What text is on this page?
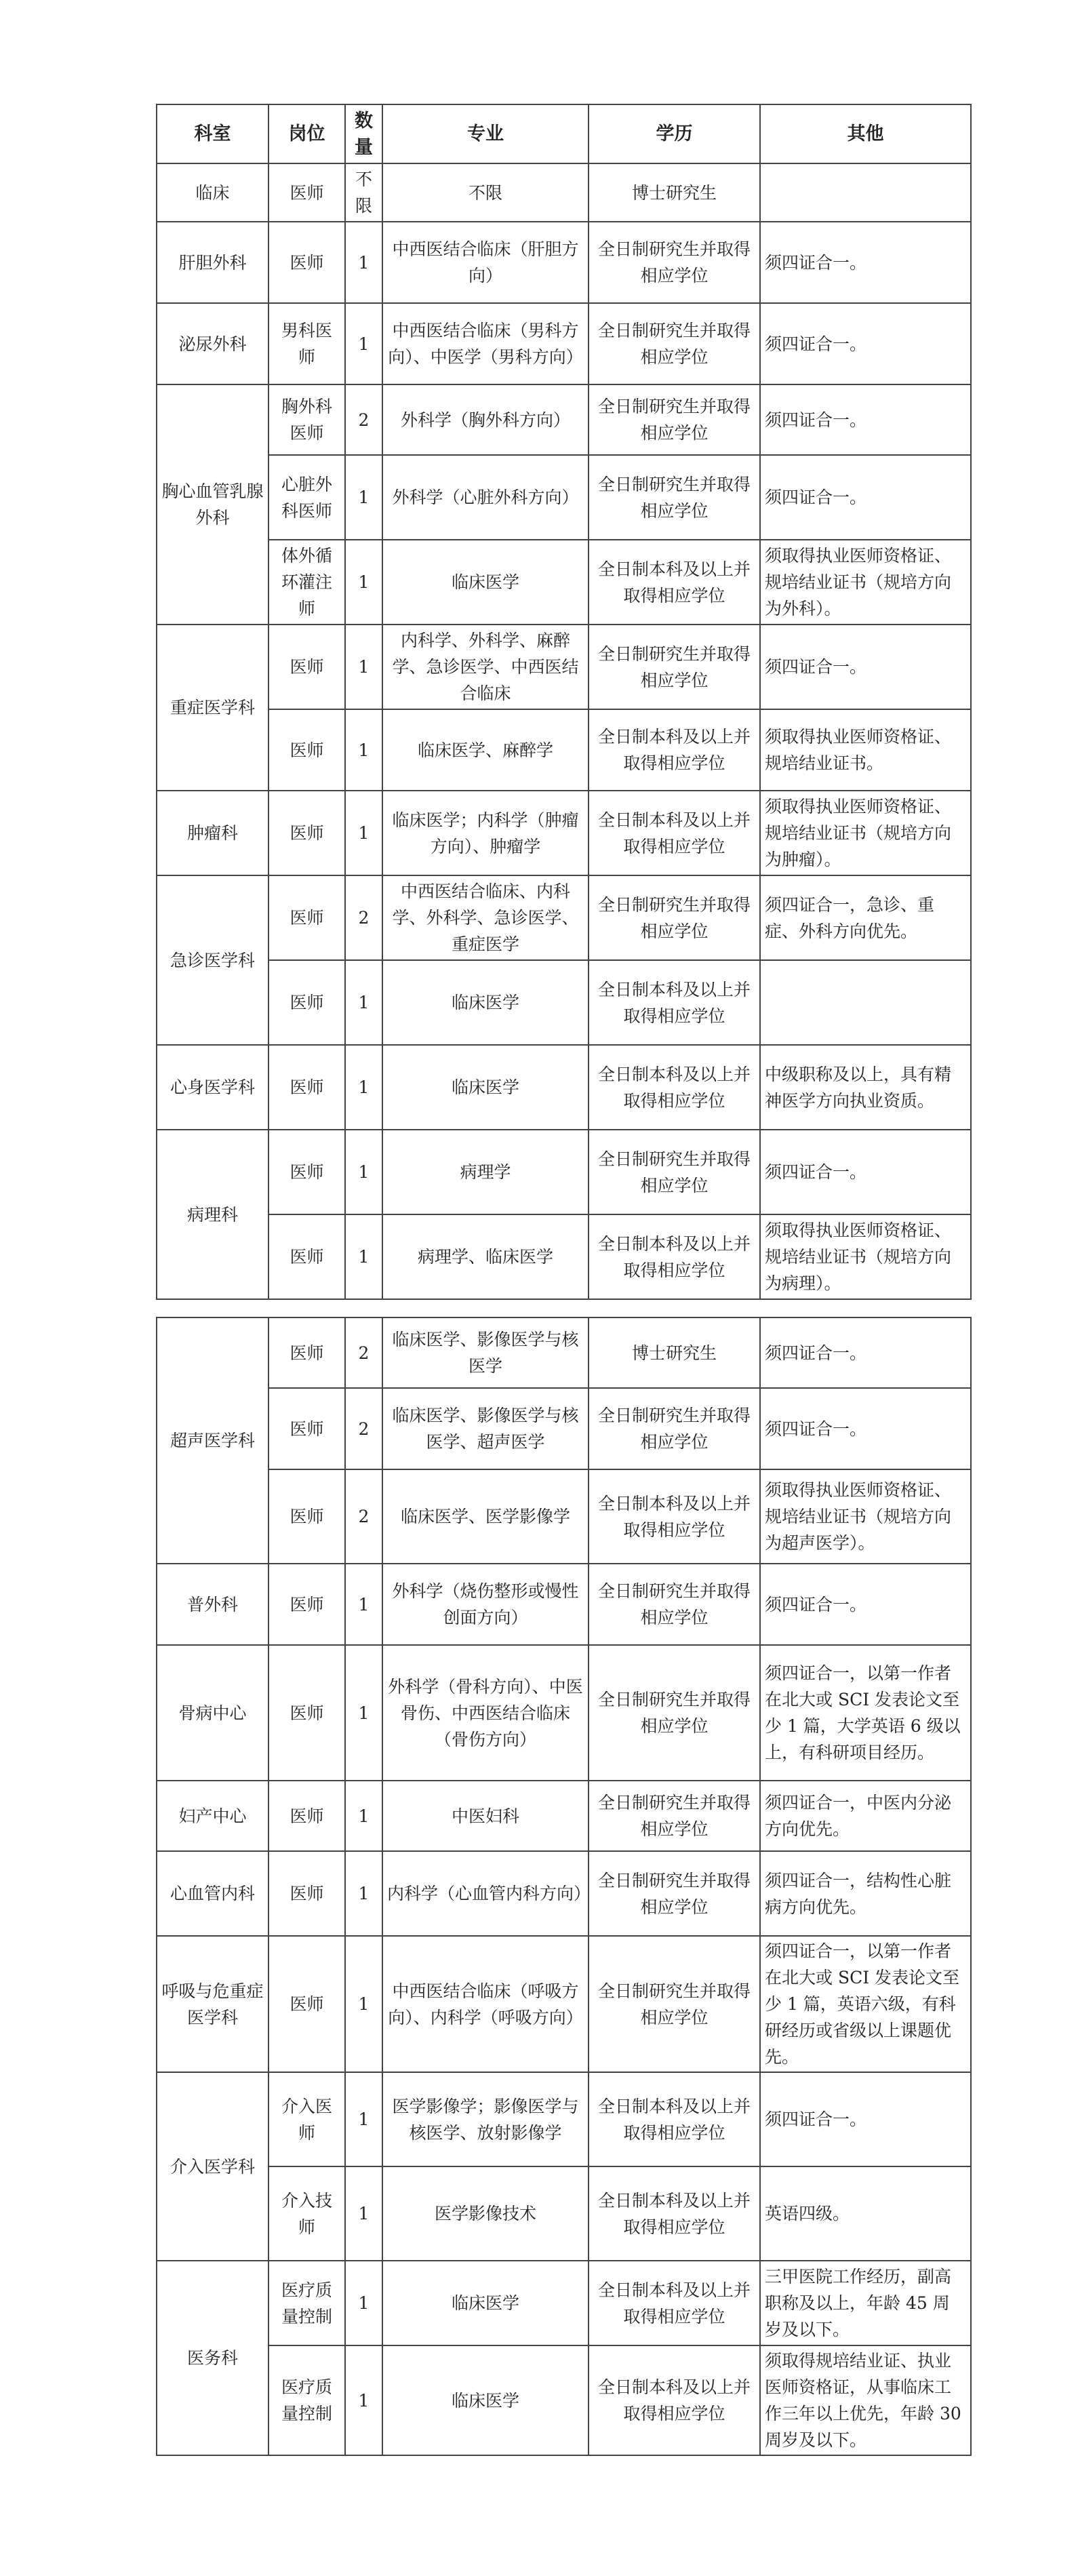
科室	岗位	数量	专业	学历	其他
临床	医师	不限	不限	博士研究生	
肝胆外科	医师	1	中西医结合临床（肝胆方向）	全日制研究生并取得相应学位	须四证合一。
泌尿外科	男科医师	1	中西医结合临床（男科方向）、中医学（男科方向）	全日制研究生并取得相应学位	须四证合一。
胸心血管乳腺外科	胸外科医师	2	外科学（胸外科方向）	全日制研究生并取得相应学位	须四证合一。
	心脏外科医师	1	外科学（心脏外科方向）	全日制研究生并取得相应学位	须四证合一。
	体外循环灌注师	1	临床医学	全日制本科及以上并取得相应学位	须取得执业医师资格证、规培结业证书（规培方向为外科）。
重症医学科	医师	1	内科学、外科学、麻醉学、急诊医学、中西医结合临床	全日制研究生并取得相应学位	须四证合一。
	医师	1	临床医学、麻醉学	全日制本科及以上并取得相应学位	须取得执业医师资格证、规培结业证书。
肿瘤科	医师	1	临床医学；内科学（肿瘤方向）、肿瘤学	全日制本科及以上并取得相应学位	须取得执业医师资格证、规培结业证书（规培方向为肿瘤）。
急诊医学科	医师	2	中西医结合临床、内科学、外科学、急诊医学、重症医学	全日制研究生并取得相应学位	须四证合一，急诊、重症、外科方向优先。
	医师	1	临床医学	全日制本科及以上并取得相应学位	
心身医学科	医师	1	临床医学	全日制本科及以上并取得相应学位	中级职称及以上，具有精神医学方向执业资质。
病理科	医师	1	病理学	全日制研究生并取得相应学位	须四证合一。
	医师	1	病理学、临床医学	全日制本科及以上并取得相应学位	须取得执业医师资格证、规培结业证书（规培方向为病理）。
超声医学科	医师	2	临床医学、影像医学与核医学	博士研究生	须四证合一。
	医师	2	临床医学、影像医学与核医学、超声医学	全日制研究生并取得相应学位	须四证合一。
	医师	2	临床医学、医学影像学	全日制本科及以上并取得相应学位	须取得执业医师资格证、规培结业证书（规培方向为超声医学）。
普外科	医师	1	外科学（烧伤整形或慢性创面方向）	全日制研究生并取得相应学位	须四证合一。
骨病中心	医师	1	外科学（骨科方向）、中医骨伤、中西医结合临床（骨伤方向）	全日制研究生并取得相应学位	须四证合一，以第一作者在北大或 SCI 发表论文至少 1 篇，大学英语 6 级以上，有科研项目经历。
妇产中心	医师	1	中医妇科	全日制研究生并取得相应学位	须四证合一，中医内分泌方向优先。
心血管内科	医师	1	内科学（心血管内科方向）	全日制研究生并取得相应学位	须四证合一，结构性心脏病方向优先。
呼吸与危重症医学科	医师	1	中西医结合临床（呼吸方向）、内科学（呼吸方向）	全日制研究生并取得相应学位	须四证合一，以第一作者在北大或 SCI 发表论文至少 1 篇，英语六级，有科研经历或省级以上课题优先。
介入医学科	介入医师	1	医学影像学；影像医学与核医学、放射影像学	全日制本科及以上并取得相应学位	须四证合一。
	介入技师	1	医学影像技术	全日制本科及以上并取得相应学位	英语四级。
医务科	医疗质量控制	1	临床医学	全日制本科及以上并取得相应学位	三甲医院工作经历，副高职称及以上，年龄 45 周岁及以下。
	医疗质量控制	1	临床医学	全日制本科及以上并取得相应学位	须取得规培结业证、执业医师资格证，从事临床工作三年以上优先，年龄 30 周岁及以下。
